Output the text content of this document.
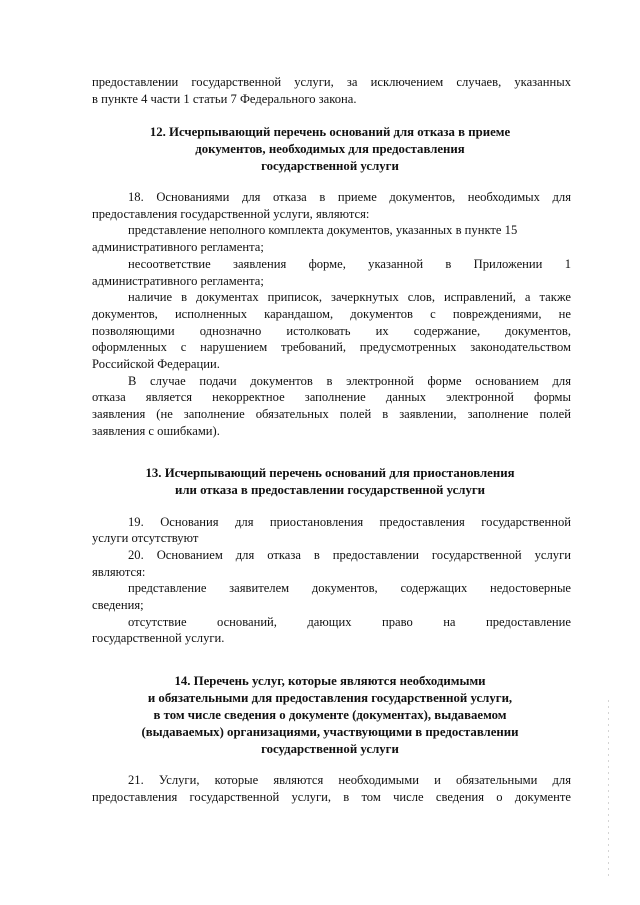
предоставлении государственной услуги, за исключением случаев, указанных
в пункте 4 части 1 статьи 7 Федерального закона.
12. Исчерпывающий перечень оснований для отказа в приеме
документов, необходимых для предоставления
государственной услуги
18. Основаниями для отказа в приеме документов, необходимых для
предоставления государственной услуги, являются:
представление неполного комплекта документов, указанных в пункте 15
административного регламента;
несоответствие заявления форме, указанной в Приложении 1
административного регламента;
наличие в документах приписок, зачеркнутых слов, исправлений, а также
документов, исполненных карандашом, документов с повреждениями, не
позволяющими однозначно истолковать их содержание, документов,
оформленных с нарушением требований, предусмотренных законодательством
Российской Федерации.
В случае подачи документов в электронной форме основанием для
отказа является некорректное заполнение данных электронной формы
заявления (не заполнение обязательных полей в заявлении, заполнение полей
заявления с ошибками).
13. Исчерпывающий перечень оснований для приостановления
или отказа в предоставлении государственной услуги
19. Основания для приостановления предоставления государственной
услуги отсутствуют
20. Основанием для отказа в предоставлении государственной услуги
являются:
представление заявителем документов, содержащих недостоверные
сведения;
отсутствие оснований, дающих право на предоставление
государственной услуги.
14. Перечень услуг, которые являются необходимыми
и обязательными для предоставления государственной услуги,
в том числе сведения о документе (документах), выдаваемом
(выдаваемых) организациями, участвующими в предоставлении
государственной услуги
21. Услуги, которые являются необходимыми и обязательными для
предоставления государственной услуги, в том числе сведения о документе
